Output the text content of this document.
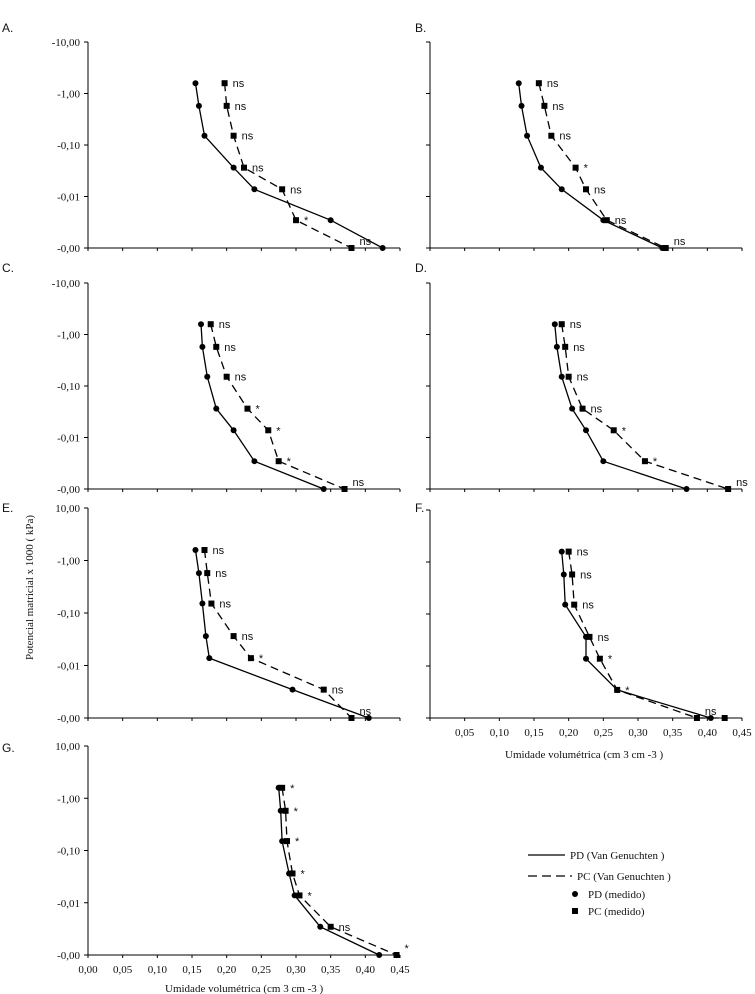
A.	B.
C.	D.
E.	F.
G.
Potencial matricial x 1000 ( kPa)
-10,00
-1,00
-0,10
-0,01
-0,00
ns
ns
ns
ns
ns
*
ns
ns
ns
ns
*
ns
ns
ns
-10,00
-1,00
-0,10
-0,01
-0,00
ns
ns
ns
*
*
*
ns
ns
ns
ns
ns
*
*
ns
10,00
-1,00
-0,10
-0,01
-0,00
ns
ns
ns
ns
*
ns
ns
0,05 0,10 0,15 0,20 0,25 0,30 0,35 0,40 0,45
ns
ns
ns
ns
*
*
ns
10,00
-1,00
-0,10
-0,01
-0,00
0,00 0,05 0,10 0,15 0,20 0,25 0,30 0,35 0,40 0,45
*
*
*
*
*
ns
*
Umidade volumétrica (cm 3 cm -3 )
Umidade volumétrica (cm 3 cm -3 )
PD (Van Genuchten )
PC (Van Genuchten )
PD (medido)
PC (medido)
